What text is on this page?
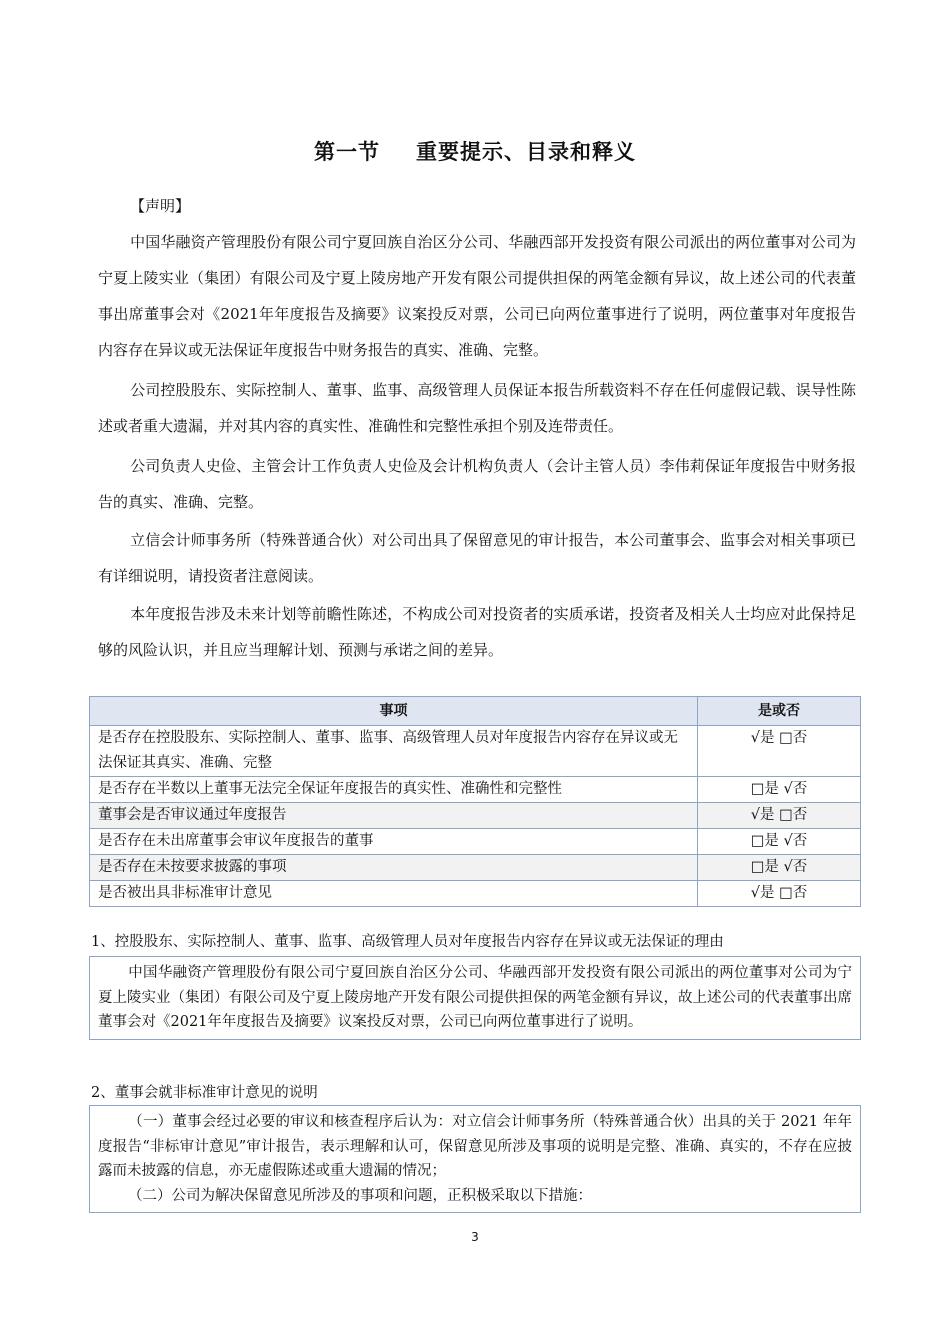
第一节 重要提示、目录和释义
【声明】
中国华融资产管理股份有限公司宁夏回族自治区分公司、华融西部开发投资有限公司派出的两位董事对公司为宁夏上陵实业（集团）有限公司及宁夏上陵房地产开发有限公司提供担保的两笔金额有异议，故上述公司的代表董事出席董事会对《2021年年度报告及摘要》议案投反对票，公司已向两位董事进行了说明，两位董事对年度报告内容存在异议或无法保证年度报告中财务报告的真实、准确、完整。
公司控股股东、实际控制人、董事、监事、高级管理人员保证本报告所载资料不存在任何虚假记载、误导性陈述或者重大遗漏，并对其内容的真实性、准确性和完整性承担个别及连带责任。
公司负责人史俭、主管会计工作负责人史俭及会计机构负责人（会计主管人员）李伟莉保证年度报告中财务报告的真实、准确、完整。
立信会计师事务所（特殊普通合伙）对公司出具了保留意见的审计报告，本公司董事会、监事会对相关事项已有详细说明，请投资者注意阅读。
本年度报告涉及未来计划等前瞻性陈述，不构成公司对投资者的实质承诺，投资者及相关人士均应对此保持足够的风险认识，并且应当理解计划、预测与承诺之间的差异。
事项	是或否
是否存在控股股东、实际控制人、董事、监事、高级管理人员对年度报告内容存在异议或无法保证其真实、准确、完整	√是 □否
是否存在半数以上董事无法完全保证年度报告的真实性、准确性和完整性	□是 √否
董事会是否审议通过年度报告	√是 □否
是否存在未出席董事会审议年度报告的董事	□是 √否
是否存在未按要求披露的事项	□是 √否
是否被出具非标准审计意见	√是 □否
1、控股股东、实际控制人、董事、监事、高级管理人员对年度报告内容存在异议或无法保证的理由
中国华融资产管理股份有限公司宁夏回族自治区分公司、华融西部开发投资有限公司派出的两位董事对公司为宁夏上陵实业（集团）有限公司及宁夏上陵房地产开发有限公司提供担保的两笔金额有异议，故上述公司的代表董事出席董事会对《2021年年度报告及摘要》议案投反对票，公司已向两位董事进行了说明。
2、董事会就非标准审计意见的说明
（一）董事会经过必要的审议和核查程序后认为：对立信会计师事务所（特殊普通合伙）出具的关于 2021 年年度报告“非标审计意见”审计报告，表示理解和认可，保留意见所涉及事项的说明是完整、准确、真实的，不存在应披露而未披露的信息，亦无虚假陈述或重大遗漏的情况；
（二）公司为解决保留意见所涉及的事项和问题，正积极采取以下措施：
3
